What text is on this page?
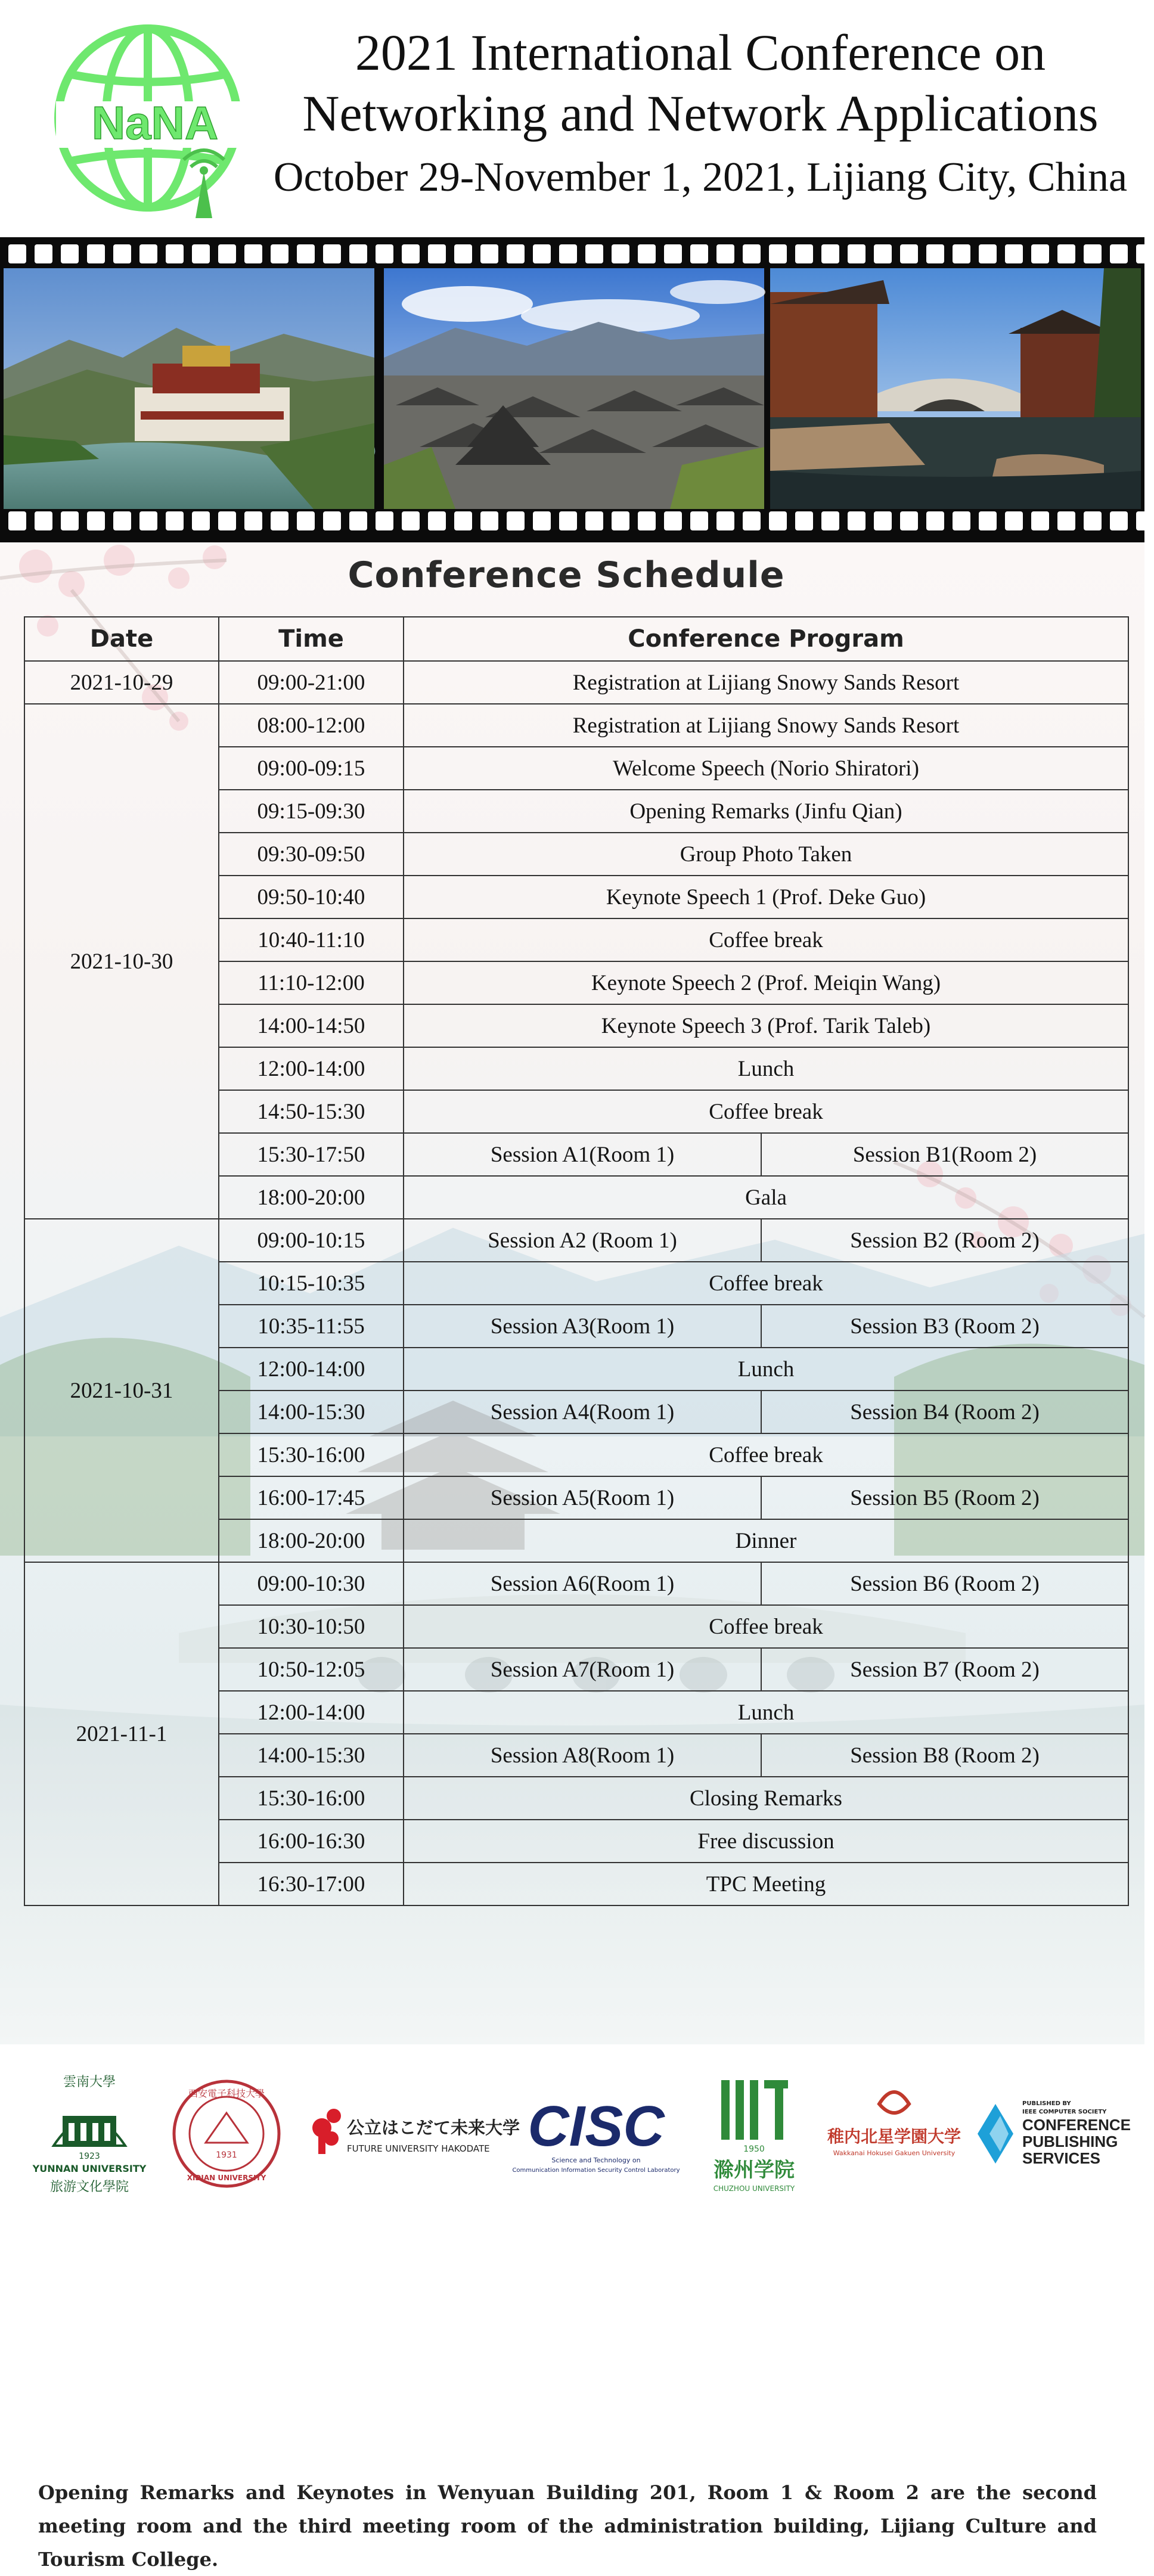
NaNA
2021 International Conference on
Networking and Network Applications
October 29-November 1, 2021, Lijiang City, China
Conference Schedule
Date	Time	Conference Program	
2021-10-29	09:00-21:00	Registration at Lijiang Snowy Sands Resort	
2021-10-30	08:00-12:00	Registration at Lijiang Snowy Sands Resort	
	09:00-09:15	Welcome Speech (Norio Shiratori)	
	09:15-09:30	Opening Remarks (Jinfu Qian)	
	09:30-09:50	Group Photo Taken	
	09:50-10:40	Keynote Speech 1 (Prof. Deke Guo)	
	10:40-11:10	Coffee break	
	11:10-12:00	Keynote Speech 2 (Prof. Meiqin Wang)	
	14:00-14:50	Keynote Speech 3 (Prof. Tarik Taleb)	
	12:00-14:00	Lunch	
	14:50-15:30	Coffee break	
	15:30-17:50	Session A1(Room 1)	Session B1(Room 2)
	18:00-20:00	Gala	
2021-10-31	09:00-10:15	Session A2 (Room 1)	Session B2 (Room 2)
	10:15-10:35	Coffee break	
	10:35-11:55	Session A3(Room 1)	Session B3 (Room 2)
	12:00-14:00	Lunch	
	14:00-15:30	Session A4(Room 1)	Session B4 (Room 2)
	15:30-16:00	Coffee break	
	16:00-17:45	Session A5(Room 1)	Session B5 (Room 2)
	18:00-20:00	Dinner	
2021-11-1	09:00-10:30	Session A6(Room 1)	Session B6 (Room 2)
	10:30-10:50	Coffee break	
	10:50-12:05	Session A7(Room 1)	Session B7 (Room 2)
	12:00-14:00	Lunch	
	14:00-15:30	Session A8(Room 1)	Session B8 (Room 2)
	15:30-16:00	Closing Remarks	
	16:00-16:30	Free discussion	
	16:30-17:00	TPC Meeting	
Opening Remarks and Keynotes in Wenyuan Building 201, Room 1 & Room 2 are the second meeting room and the third meeting room of the administration building, Lijiang Culture and Tourism College.
雲南大學
1923
YUNNAN UNIVERSITY
旅游文化學院
西安電子科技大學
1931
XIDIAN UNIVERSITY
公立はこだて未来大学
FUTURE UNIVERSITY HAKODATE CISC
Science and Technology on
Communication Information Security Control Laboratory
1950
滁州学院
CHUZHOU UNIVERSITY
稚内北星学園大学
Wakkanai Hokusei Gakuen University
PUBLISHED BY
IEEE COMPUTER SOCIETY
CONFERENCE
PUBLISHING
SERVICES
